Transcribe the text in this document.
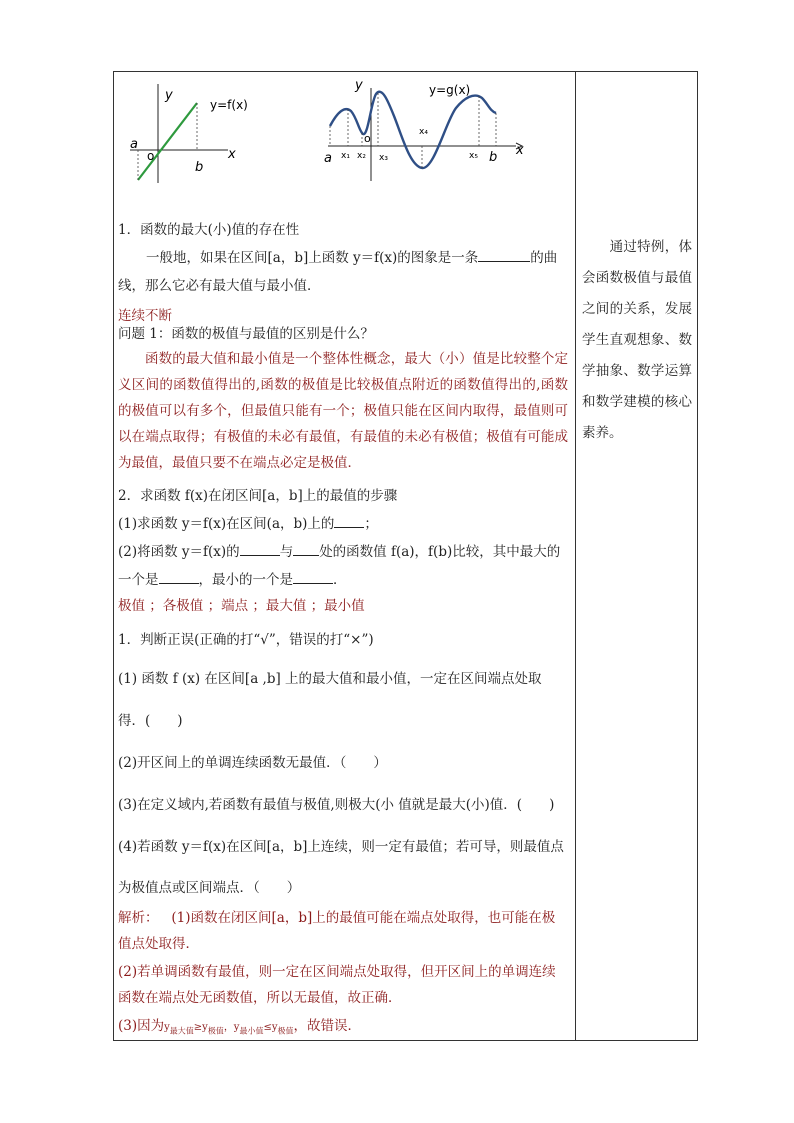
y
y=f(x)
a
o
b
x
y	y=g(x)
o
a x₁ x₂ x₃
x₄
x₅ b x

1．函数的最大(小)值的存在性

一般地，如果在区间[a，b]上函数 y＝f(x)的图象是一条	的曲

线，那么它必有最大值与最小值．

连续不断

问题 1：函数的极值与最值的区别是什么？

函数的最大值和最小值是一个整体性概念，最大（小）值是比较整个定义区间的函数值得出的,函数的极值是比较极值点附近的函数值得出的,函数的极值可以有多个，但最值只能有一个；极值只能在区间内取得，最值则可以在端点取得；有极值的未必有最值，有最值的未必有极值；极值有可能成为最值，最值只要不在端点必定是极值．

2．求函数 f(x)在闭区间[a，b]上的最值的步骤

(1)求函数 y＝f(x)在区间(a，b)上的 ；

(2)将函数 y＝f(x)的	与 处的函数值 f(a)，f(b)比较，其中最大的

一个是	，最小的一个是	．

极值 ；各极值 ；端点 ；最大值 ；最小值

1．判断正误(正确的打“√”，错误的打“×”)

(1) 函数 f (x) 在区间[a ,b] 上的最大值和最小值，一定在区间端点处取

得．(　　)

(2)开区间上的单调连续函数无最值．（　　）

(3)在定义域内,若函数有最值与极值,则极大(小 值就是最大(小)值．(　　)

(4)若函数 y＝f(x)在区间[a，b]上连续，则一定有最值；若可导，则最值点

为极值点或区间端点．（　　）

解析： (1)函数在闭区间[a，b]上的最值可能在端点处取得，也可能在极

值点处取得．

(2)若单调函数有最值，则一定在区间端点处取得，但开区间上的单调连续

函数在端点处无函数值，所以无最值，故正确．

(3)因为$y_{最大值}\ge y_{极值}$，$y_{最小值}\le y_{极值}$，故错误．

　　通过特例，体会函数极值与最值之间的关系，发展学生直观想象、数学抽象、数学运算和数学建模的核心素养。
